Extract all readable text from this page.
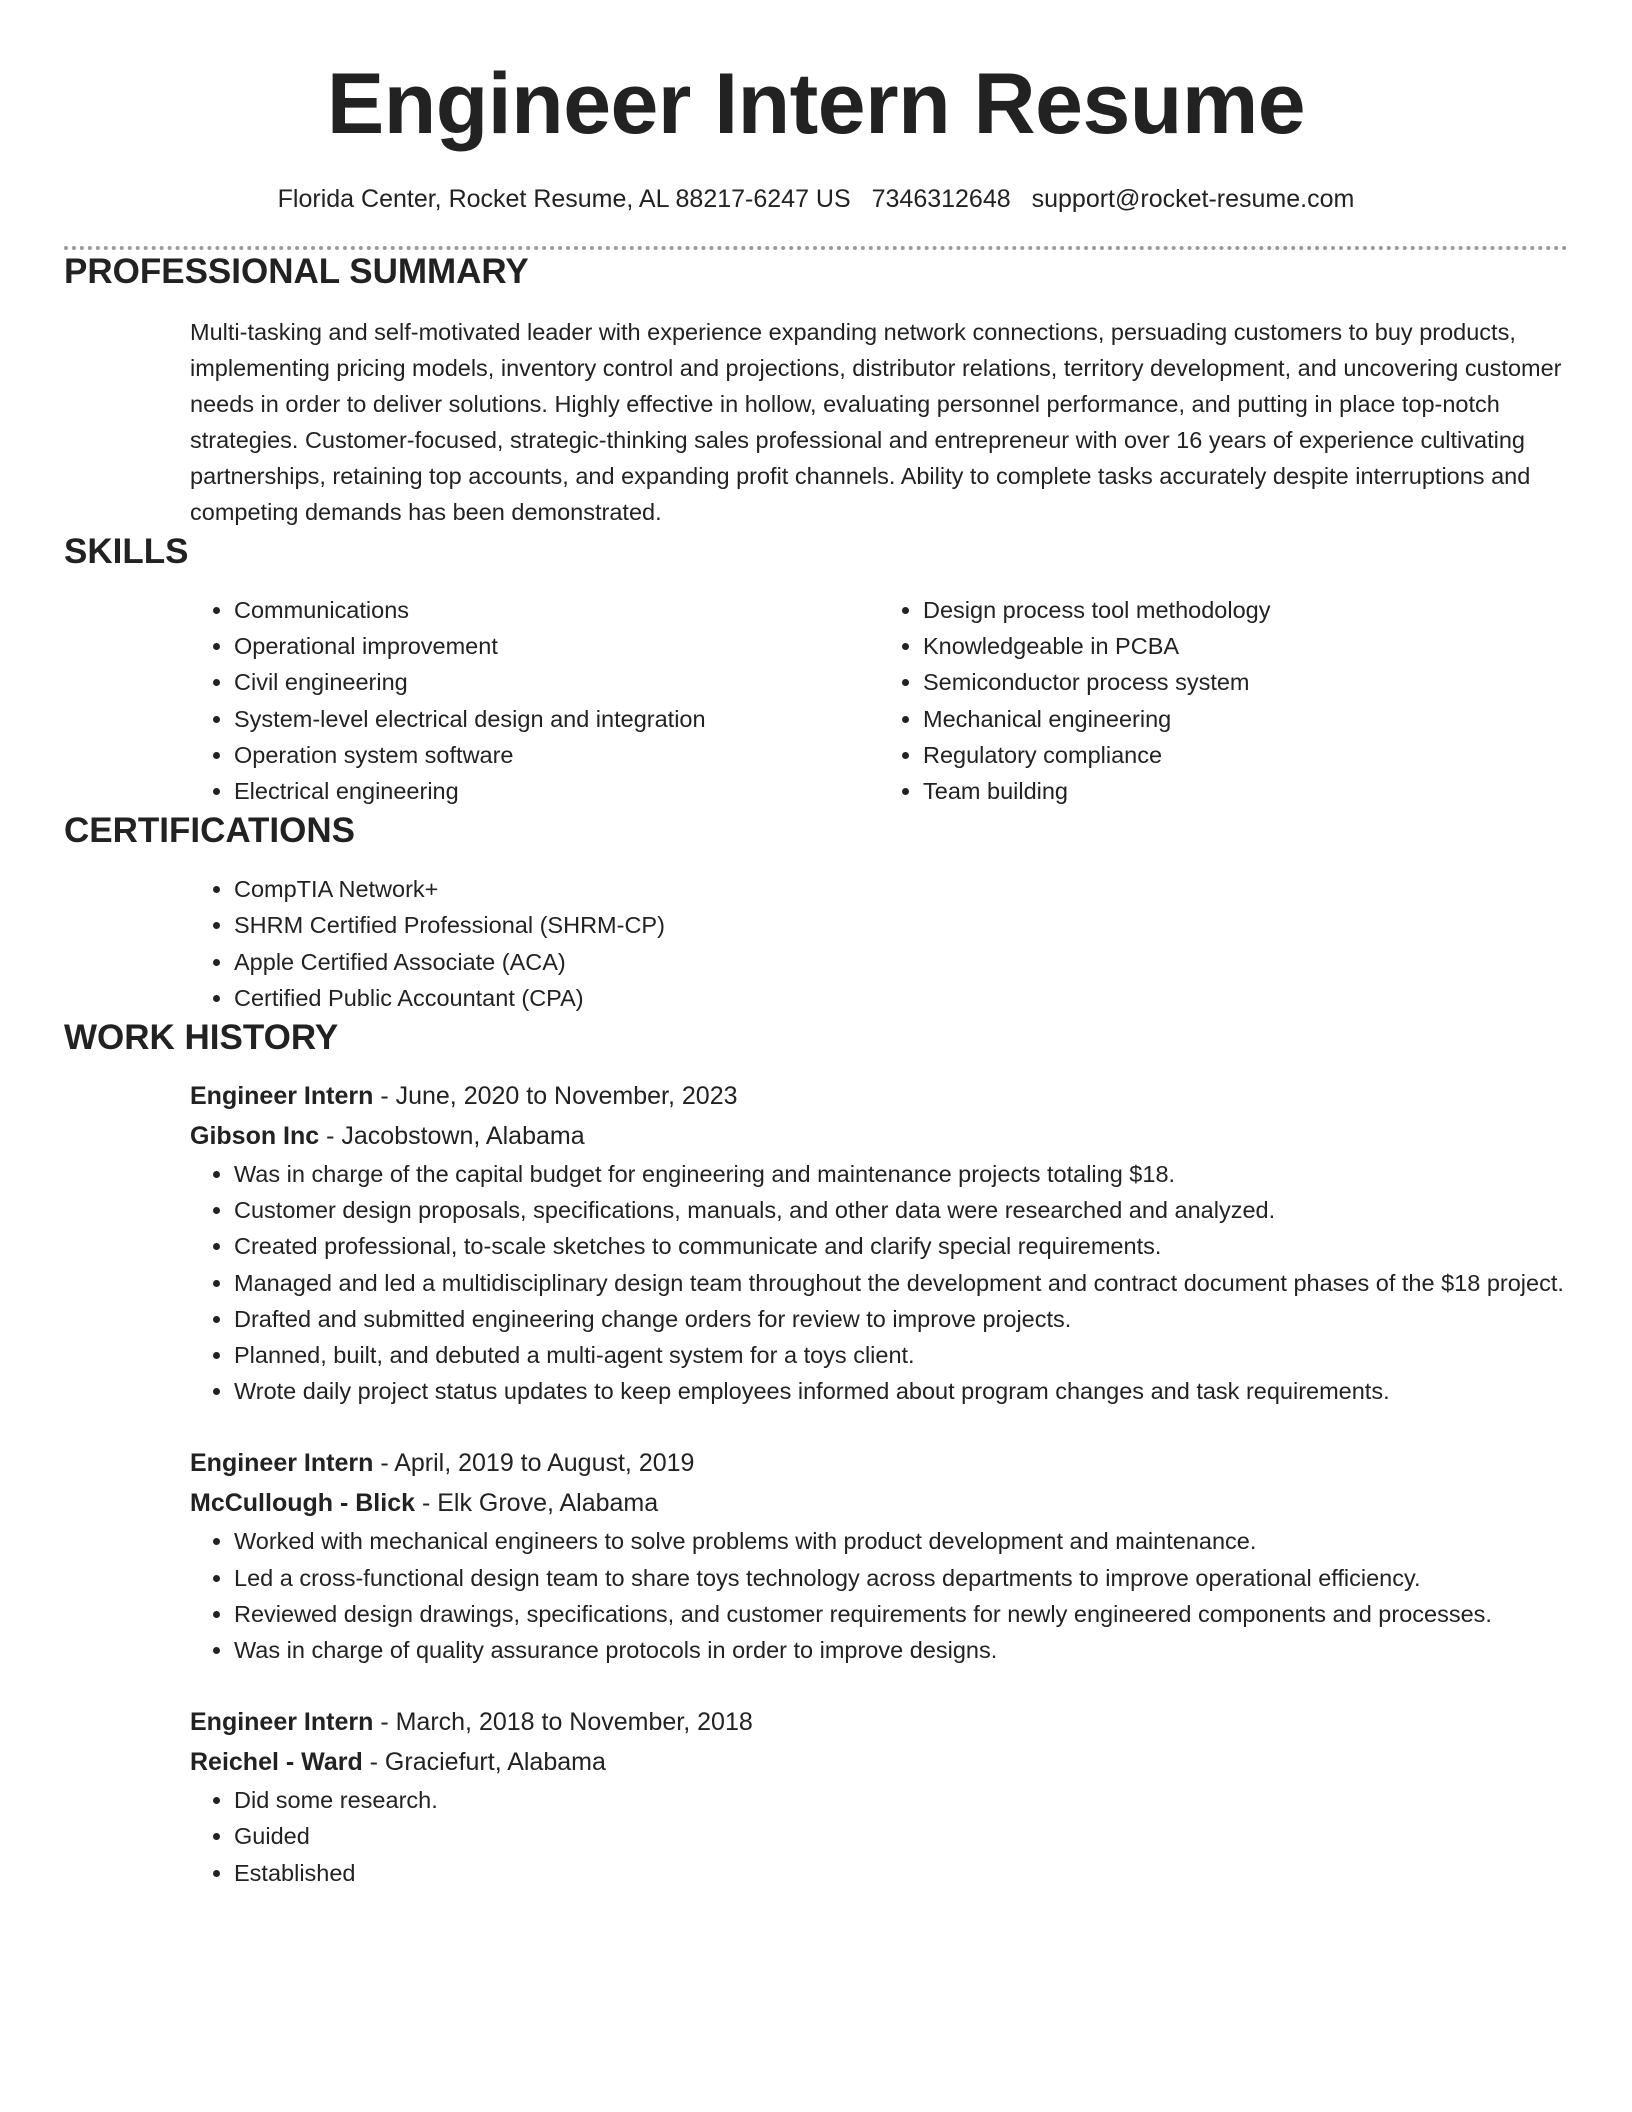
Engineer Intern Resume
Florida Center, Rocket Resume, AL 88217-6247 US 7346312648 support@rocket-resume.com
PROFESSIONAL SUMMARY

Multi-tasking and self-motivated leader with experience expanding network connections, persuading customers to buy products, implementing pricing models, inventory control and projections, distributor relations, territory development, and uncovering customer needs in order to deliver solutions. Highly effective in hollow, evaluating personnel performance, and putting in place top-notch strategies. Customer-focused, strategic-thinking sales professional and entrepreneur with over 16 years of experience cultivating partnerships, retaining top accounts, and expanding profit channels. Ability to complete tasks accurately despite interruptions and competing demands has been demonstrated.

SKILLS
• Communications
• Operational improvement
• Civil engineering
• System-level electrical design and integration
• Operation system software
• Electrical engineering
• Design process tool methodology
• Knowledgeable in PCBA
• Semiconductor process system
• Mechanical engineering
• Regulatory compliance
• Team building
CERTIFICATIONS
• CompTIA Network+
• SHRM Certified Professional (SHRM-CP)
• Apple Certified Associate (ACA)
• Certified Public Accountant (CPA)
WORK HISTORY
Engineer Intern - June, 2020 to November, 2023
Gibson Inc - Jacobstown, Alabama
• Was in charge of the capital budget for engineering and maintenance projects totaling $18.
• Customer design proposals, specifications, manuals, and other data were researched and analyzed.
• Created professional, to-scale sketches to communicate and clarify special requirements.
• Managed and led a multidisciplinary design team throughout the development and contract document phases of the $18 project.
• Drafted and submitted engineering change orders for review to improve projects.
• Planned, built, and debuted a multi-agent system for a toys client.
• Wrote daily project status updates to keep employees informed about program changes and task requirements.
Engineer Intern - April, 2019 to August, 2019
McCullough - Blick - Elk Grove, Alabama
• Worked with mechanical engineers to solve problems with product development and maintenance.
• Led a cross-functional design team to share toys technology across departments to improve operational efficiency.
• Reviewed design drawings, specifications, and customer requirements for newly engineered components and processes.
• Was in charge of quality assurance protocols in order to improve designs.
Engineer Intern - March, 2018 to November, 2018
Reichel - Ward - Graciefurt, Alabama
• Did some research.
• Guided
• Established
